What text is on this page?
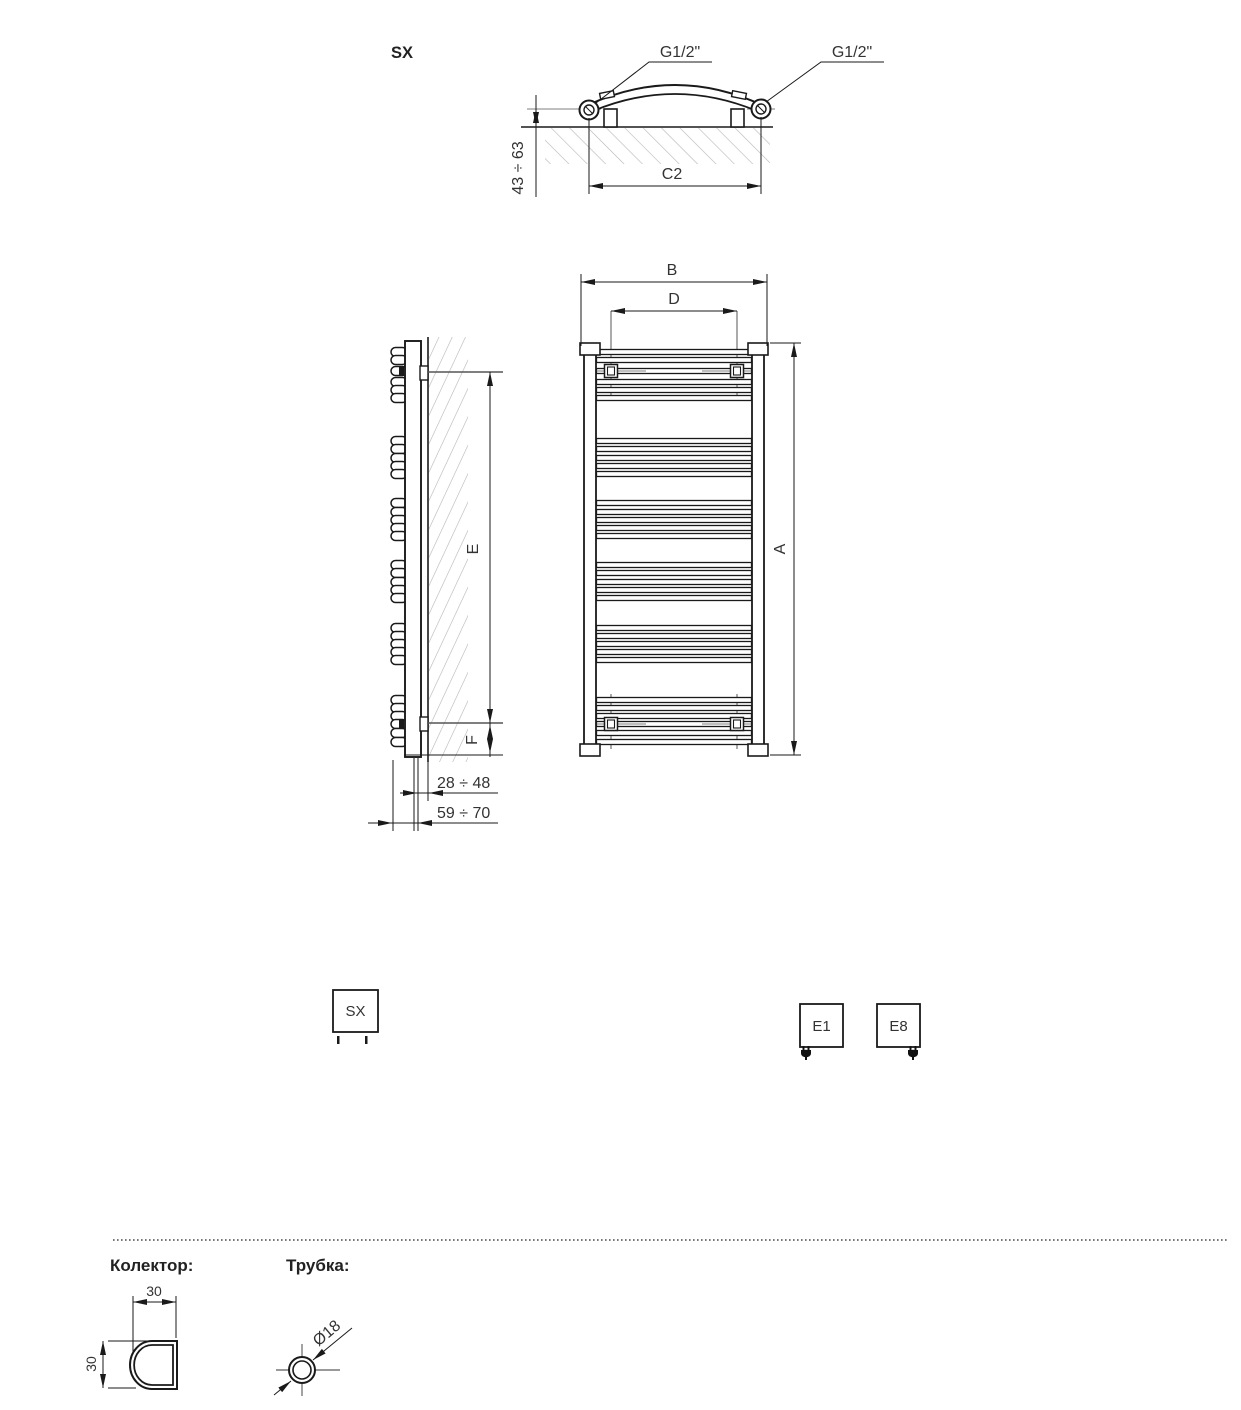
SX	G1/2"	G1/2"
43 ÷ 63	C2
E
F
28 ÷ 48
59 ÷ 70
B
D
A
SX
E1	E8
Колектор:	Трубка:
30
30
Ø18
